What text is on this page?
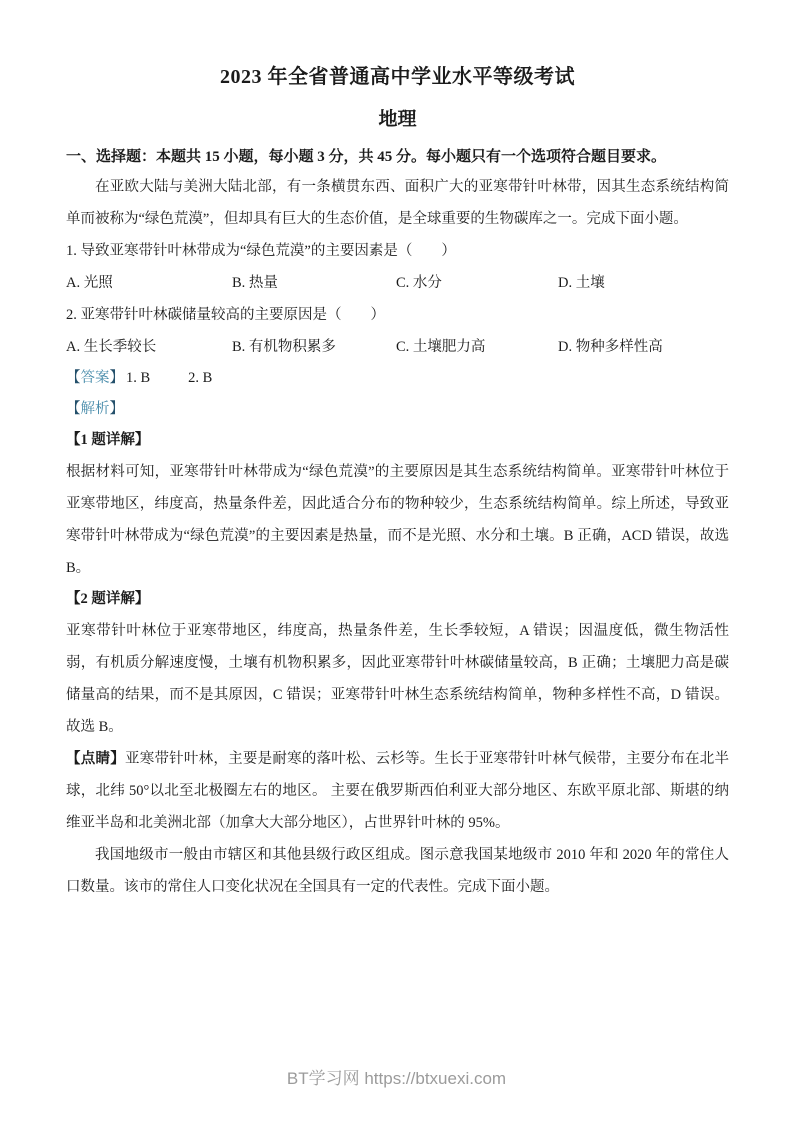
2023 年全省普通高中学业水平等级考试
地理

一、选择题：本题共 15 小题，每小题 3 分，共 45 分。每小题只有一个选项符合题目要求。

在亚欧大陆与美洲大陆北部，有一条横贯东西、面积广大的亚寒带针叶林带，因其生态系统结构简单而被称为“绿色荒漠”，但却具有巨大的生态价值，是全球重要的生物碳库之一。完成下面小题。

1. 导致亚寒带针叶林带成为“绿色荒漠”的主要因素是（　　）

A. 光照	B. 热量	C. 水分	D. 土壤

2. 亚寒带针叶林碳储量较高的主要原因是（　　）

A. 生长季较长	B. 有机物积累多	C. 土壤肥力高	D. 物种多样性高

【答案】 1. B	2. B

【解析】

【1 题详解】

根据材料可知，亚寒带针叶林带成为“绿色荒漠”的主要原因是其生态系统结构简单。亚寒带针叶林位于亚寒带地区，纬度高，热量条件差，因此适合分布的物种较少，生态系统结构简单。综上所述，导致亚寒带针叶林带成为“绿色荒漠”的主要因素是热量，而不是光照、水分和土壤。B 正确，ACD 错误，故选 B。

【2 题详解】

亚寒带针叶林位于亚寒带地区，纬度高，热量条件差，生长季较短，A 错误；因温度低，微生物活性弱，有机质分解速度慢，土壤有机物积累多，因此亚寒带针叶林碳储量较高，B 正确；土壤肥力高是碳储量高的结果，而不是其原因，C 错误；亚寒带针叶林生态系统结构简单，物种多样性不高，D 错误。故选 B。

【点睛】亚寒带针叶林，主要是耐寒的落叶松、云杉等。生长于亚寒带针叶林气候带，主要分布在北半球，北纬 50°以北至北极圈左右的地区。 主要在俄罗斯西伯利亚大部分地区、东欧平原北部、斯堪的纳维亚半岛和北美洲北部（加拿大大部分地区），占世界针叶林的 95%。

我国地级市一般由市辖区和其他县级行政区组成。图示意我国某地级市 2010 年和 2020 年的常住人口数量。该市的常住人口变化状况在全国具有一定的代表性。完成下面小题。

BT学习网 https://btxuexi.com
